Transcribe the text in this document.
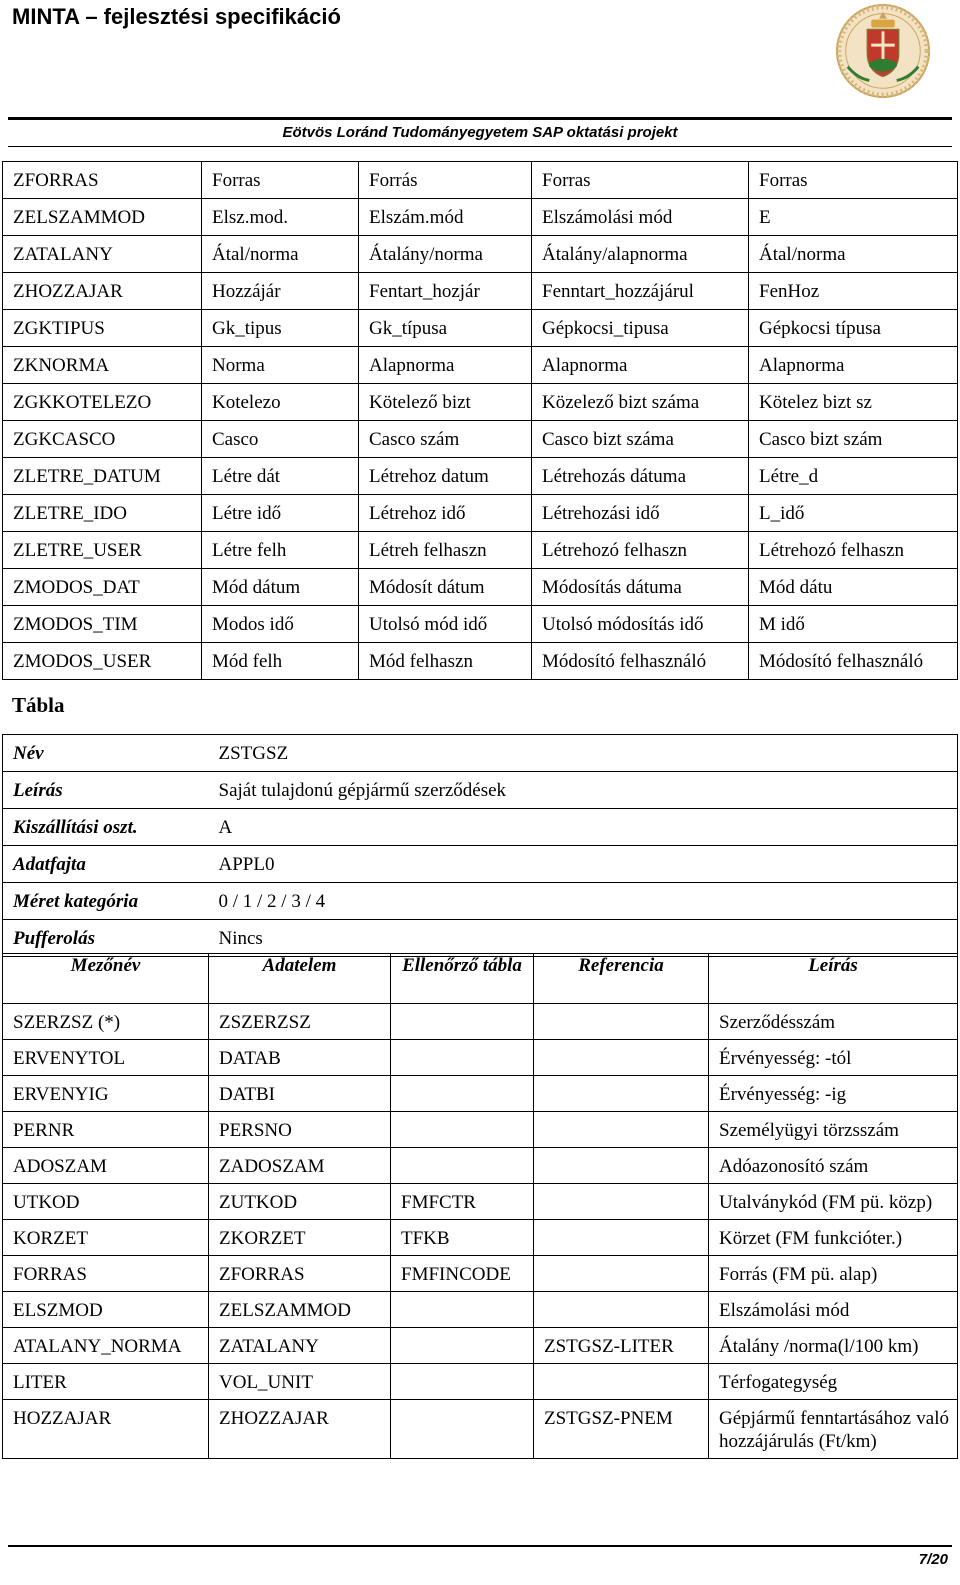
MINTA – fejlesztési specifikáció
Eötvös Loránd Tudományegyetem SAP oktatási projekt
ZFORRAS	Forras	Forrás	Forras	Forras
ZELSZAMMOD	Elsz.mod.	Elszám.mód	Elszámolási mód	E
ZATALANY	Átal/norma	Átalány/norma	Átalány/alapnorma	Átal/norma
ZHOZZAJAR	Hozzájár	Fentart_hozjár	Fenntart_hozzájárul	FenHoz
ZGKTIPUS	Gk_tipus	Gk_típusa	Gépkocsi_tipusa	Gépkocsi típusa
ZKNORMA	Norma	Alapnorma	Alapnorma	Alapnorma
ZGKKOTELEZO	Kotelezo	Kötelező bizt	Közelező bizt száma	Kötelez bizt sz
ZGKCASCO	Casco	Casco szám	Casco bizt száma	Casco bizt szám
ZLETRE_DATUM	Létre dát	Létrehoz datum	Létrehozás dátuma	Létre_d
ZLETRE_IDO	Létre idő	Létrehoz idő	Létrehozási idő	L_idő
ZLETRE_USER	Létre felh	Létreh felhaszn	Létrehozó felhaszn	Létrehozó felhaszn
ZMODOS_DAT	Mód dátum	Módosít dátum	Módosítás dátuma	Mód dátu
ZMODOS_TIM	Modos idő	Utolsó mód idő	Utolsó módosítás idő	M idő
ZMODOS_USER	Mód felh	Mód felhaszn	Módosító felhasználó	Módosító felhasználó
Tábla
Név	ZSTGSZ
Leírás	Saját tulajdonú gépjármű szerződések
Kiszállítási oszt.	A
Adatfajta	APPL0
Méret kategória	0 / 1 / 2 / 3 / 4
Pufferolás	Nincs
Mezőnév	Adatelem	Ellenőrző tábla	Referencia	Leírás
SZERZSZ (*)	ZSZERZSZ			Szerződésszám
ERVENYTOL	DATAB			Érvényesség: -tól
ERVENYIG	DATBI			Érvényesség: -ig
PERNR	PERSNO			Személyügyi törzsszám
ADOSZAM	ZADOSZAM			Adóazonosító szám
UTKOD	ZUTKOD	FMFCTR		Utalványkód (FM pü. közp)
KORZET	ZKORZET	TFKB		Körzet (FM funkcióter.)
FORRAS	ZFORRAS	FMFINCODE		Forrás (FM pü. alap)
ELSZMOD	ZELSZAMMOD			Elszámolási mód
ATALANY_NORMA	ZATALANY		ZSTGSZ-LITER	Átalány /norma(l/100 km)
LITER	VOL_UNIT			Térfogategység
HOZZAJAR	ZHOZZAJAR		ZSTGSZ-PNEM	Gépjármű fenntartásához való hozzájárulás (Ft/km)
7/20
